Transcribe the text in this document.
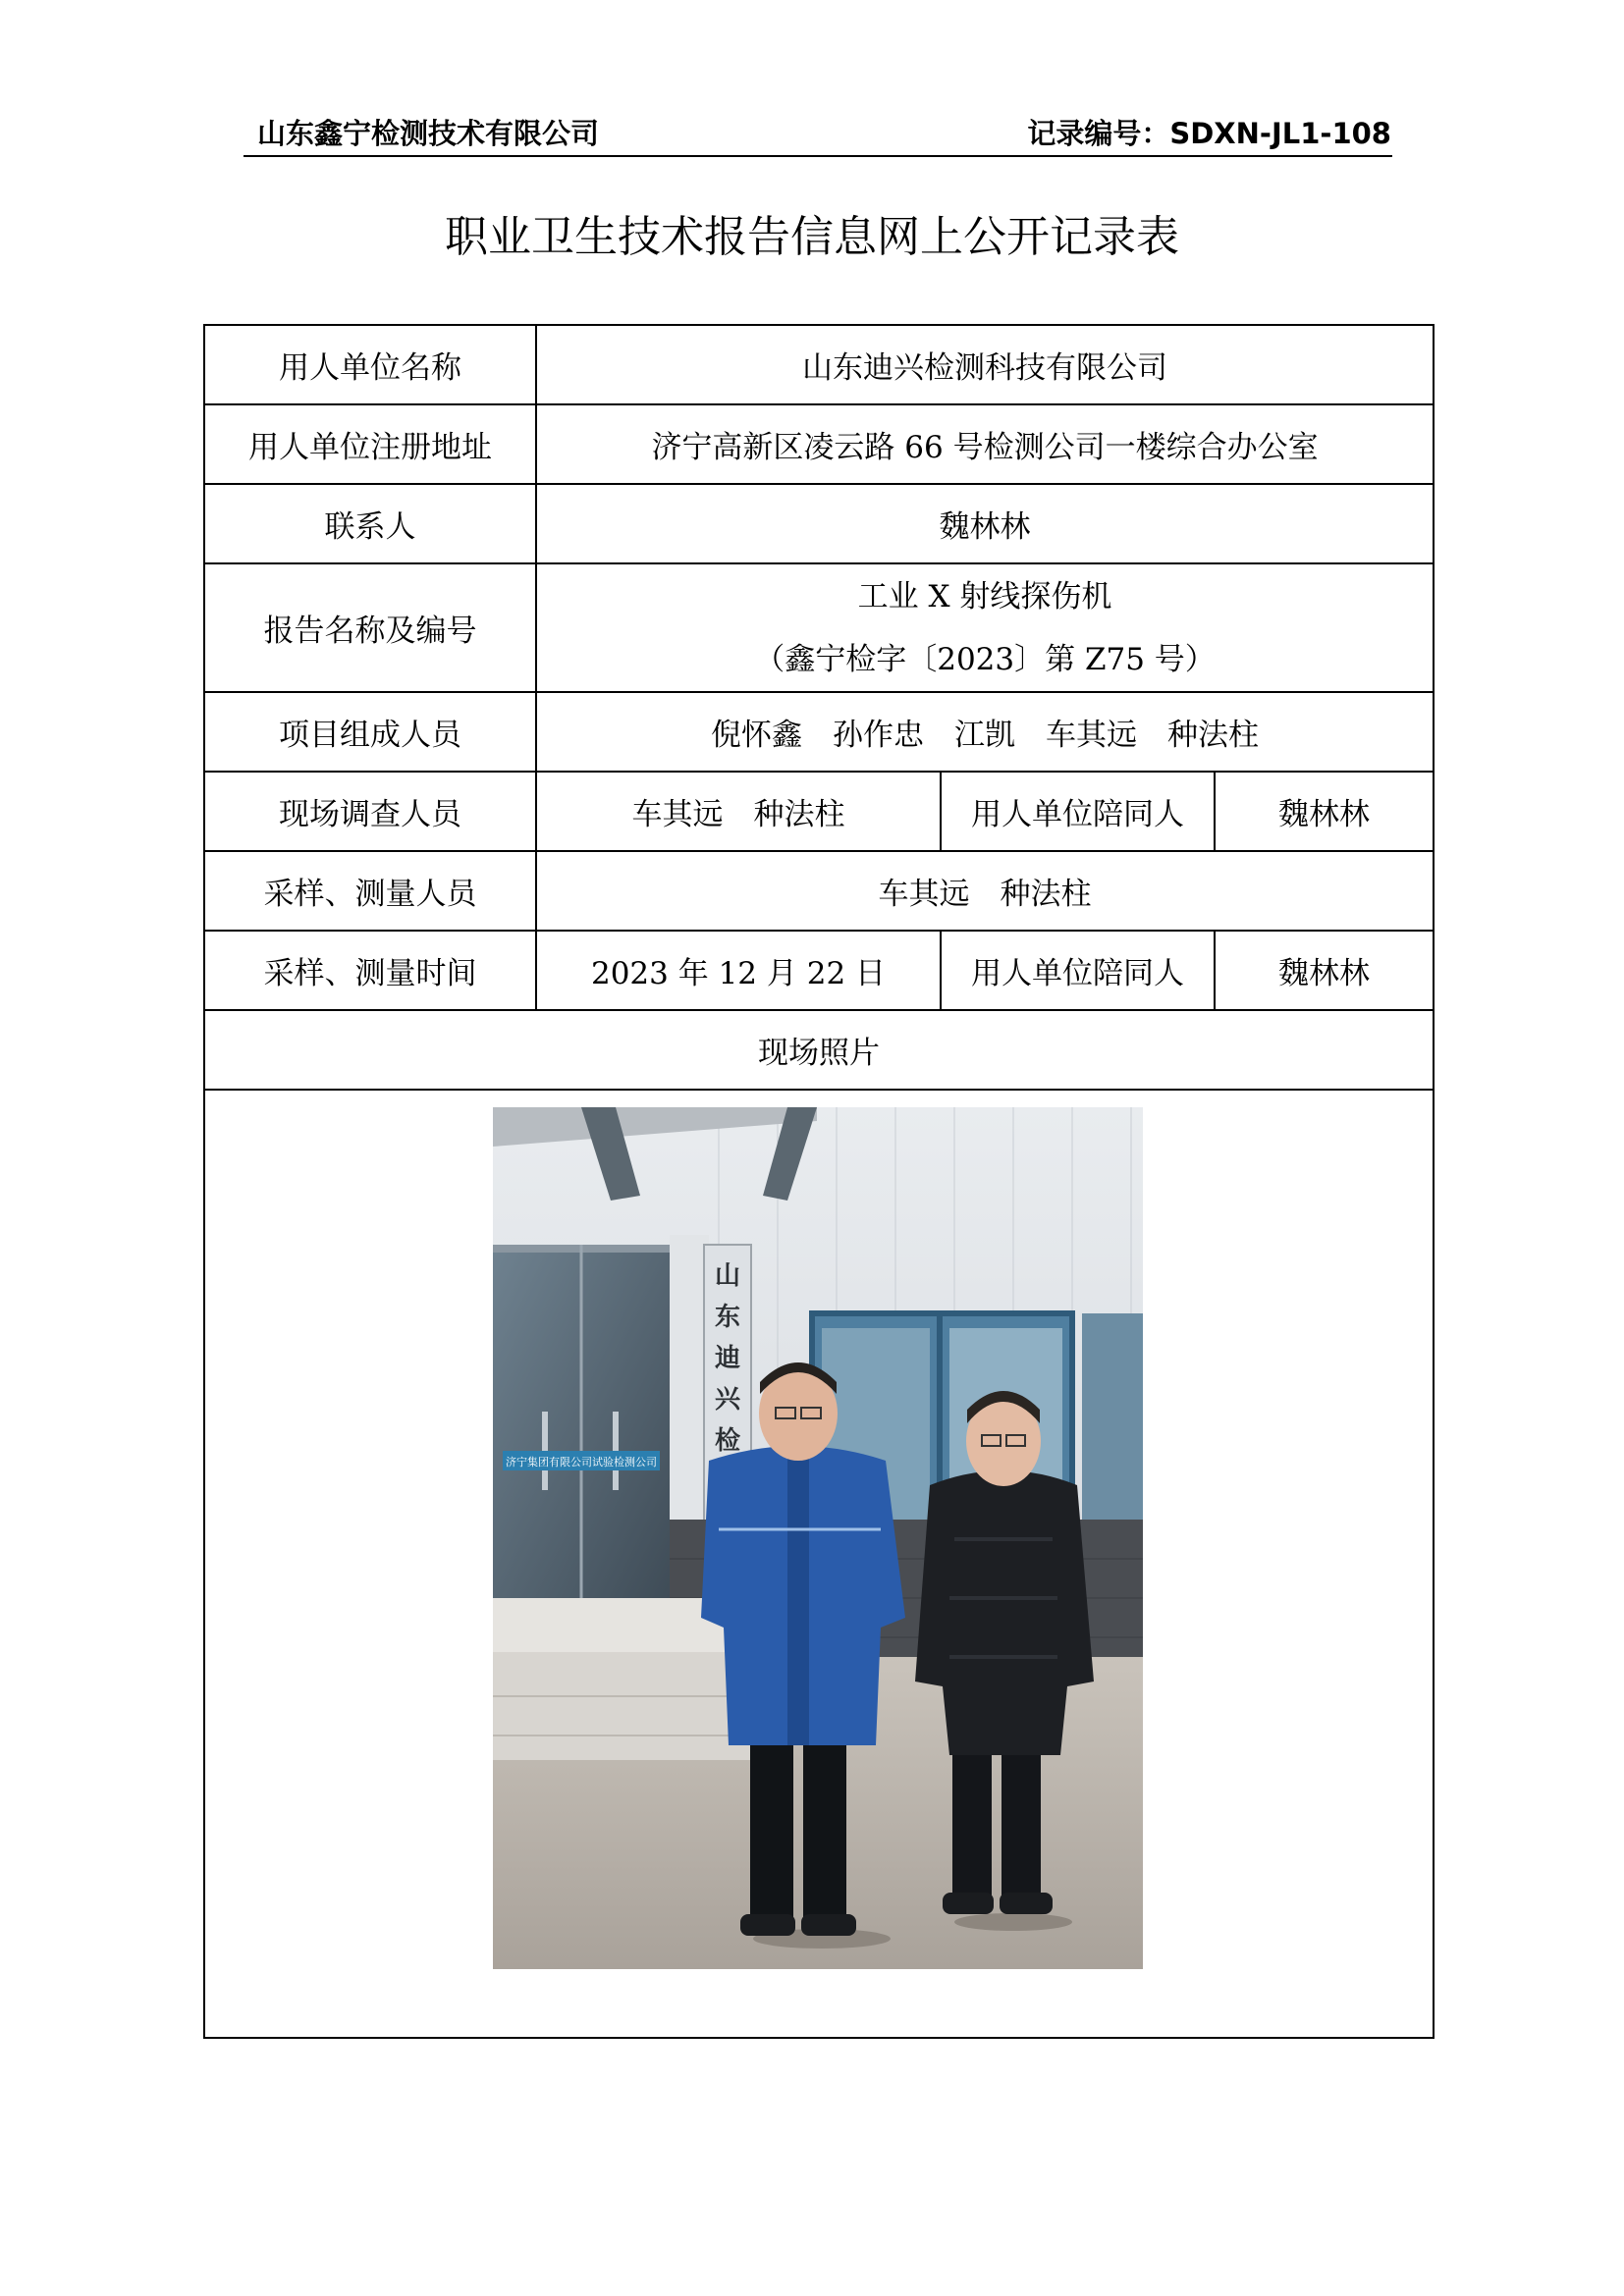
山东鑫宁检测技术有限公司	记录编号：SDXN-JL1-108
职业卫生技术报告信息网上公开记录表
用人单位名称	山东迪兴检测科技有限公司		
用人单位注册地址	济宁高新区凌云路 66 号检测公司一楼综合办公室		
联系人	魏林林		
报告名称及编号	工业 X 射线探伤机
（鑫宁检字〔2023〕第 Z75 号）		

项目组成人员	倪怀鑫　孙作忠　江凯　车其远　种法柱		
现场调查人员	车其远　种法柱	用人单位陪同人	魏林林
采样、测量人员	车其远　种法柱		
采样、测量时间	2023 年 12 月 22 日	用人单位陪同人	魏林林
现场照片			

济宁集团有限公司试验检测公司
山东迪兴检			
